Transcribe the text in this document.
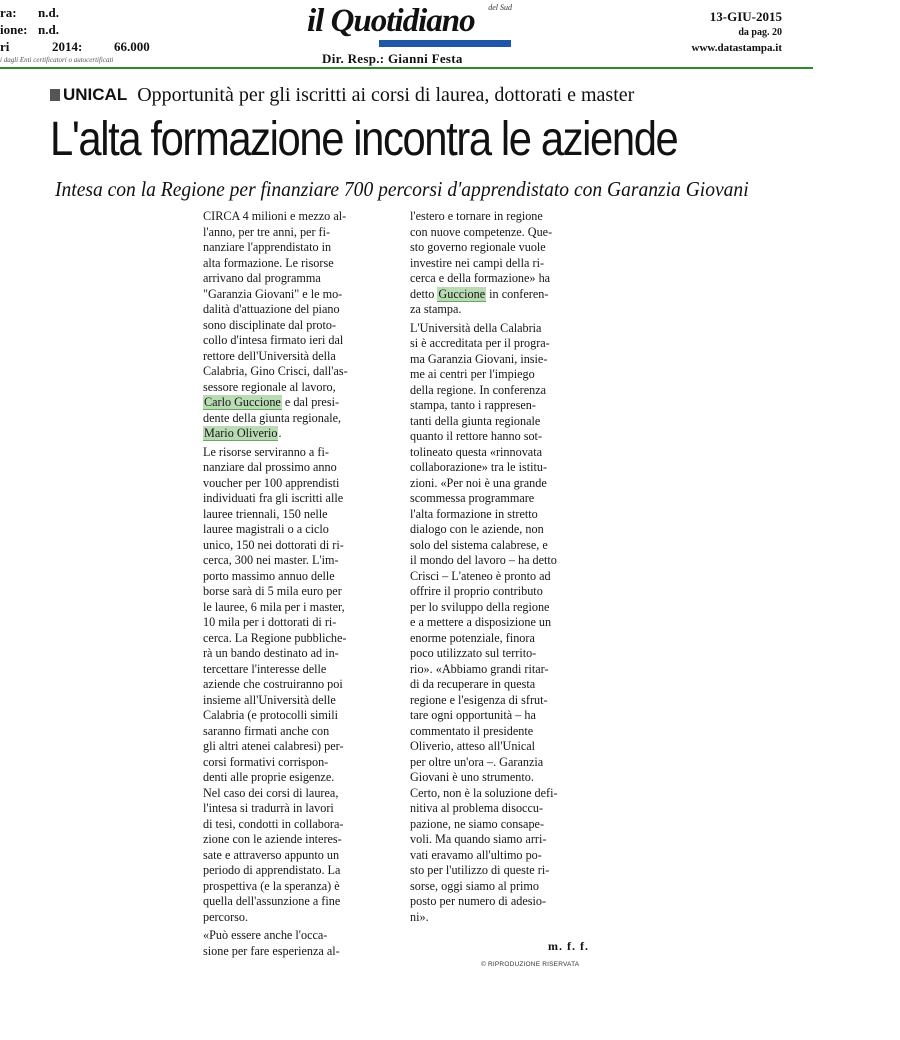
ra: n.d.
ione: n.d.
ri	2014: 66.000
i dagli Enti certificatori o autocertificati
il Quotidiano del Sud
Dir. Resp.: Gianni Festa
13-GIU-2015
da pag. 20
www.datastampa.it
UNICAL Opportunità per gli iscritti ai corsi di laurea, dottorati e master
L'alta formazione incontra le aziende
Intesa con la Regione per finanziare 700 percorsi d'apprendistato con Garanzia Giovani

CIRCA 4 milioni e mezzo al-
l'anno, per tre anni, per fi-
nanziare l'apprendistato in
alta formazione. Le risorse
arrivano dal programma
"Garanzia Giovani" e le mo-
dalità d'attuazione del piano
sono disciplinate dal proto-
collo d'intesa firmato ieri dal
rettore dell'Università della
Calabria, Gino Crisci, dall'as-
sessore regionale al lavoro,
Carlo Guccione e dal presi-
dente della giunta regionale,
Mario Oliverio.

Le risorse serviranno a fi-
nanziare dal prossimo anno
voucher per 100 apprendisti
individuati fra gli iscritti alle
lauree triennali, 150 nelle
lauree magistrali o a ciclo
unico, 150 nei dottorati di ri-
cerca, 300 nei master. L'im-
porto massimo annuo delle
borse sarà di 5 mila euro per
le lauree, 6 mila per i master,
10 mila per i dottorati di ri-
cerca. La Regione pubbliche-
rà un bando destinato ad in-
tercettare l'interesse delle
aziende che costruiranno poi
insieme all'Università delle
Calabria (e protocolli simili
saranno firmati anche con
gli altri atenei calabresi) per-
corsi formativi corrispon-
denti alle proprie esigenze.
Nel caso dei corsi di laurea,
l'intesa si tradurrà in lavori
di tesi, condotti in collabora-
zione con le aziende interes-
sate e attraverso appunto un
periodo di apprendistato. La
prospettiva (e la speranza) è
quella dell'assunzione a fine
percorso.

«Può essere anche l'occa-
sione per fare esperienza al-

l'estero e tornare in regione
con nuove competenze. Que-
sto governo regionale vuole
investire nei campi della ri-
cerca e della formazione» ha
detto Guccione in conferen-
za stampa.

L'Università della Calabria
si è accreditata per il progra-
ma Garanzia Giovani, insie-
me ai centri per l'impiego
della regione. In conferenza
stampa, tanto i rappresen-
tanti della giunta regionale
quanto il rettore hanno sot-
tolineato questa «rinnovata
collaborazione» tra le istitu-
zioni. «Per noi è una grande
scommessa programmare
l'alta formazione in stretto
dialogo con le aziende, non
solo del sistema calabrese, e
il mondo del lavoro – ha detto
Crisci – L'ateneo è pronto ad
offrire il proprio contributo
per lo sviluppo della regione
e a mettere a disposizione un
enorme potenziale, finora
poco utilizzato sul territo-
rio». «Abbiamo grandi ritar-
di da recuperare in questa
regione e l'esigenza di sfrut-
tare ogni opportunità – ha
commentato il presidente
Oliverio, atteso all'Unical
per oltre un'ora –. Garanzia
Giovani è uno strumento.
Certo, non è la soluzione defi-
nitiva al problema disoccu-
pazione, ne siamo consape-
voli. Ma quando siamo arri-
vati eravamo all'ultimo po-
sto per l'utilizzo di queste ri-
sorse, oggi siamo al primo
posto per numero di adesio-
ni».

m. f. f.
© RIPRODUZIONE RISERVATA
